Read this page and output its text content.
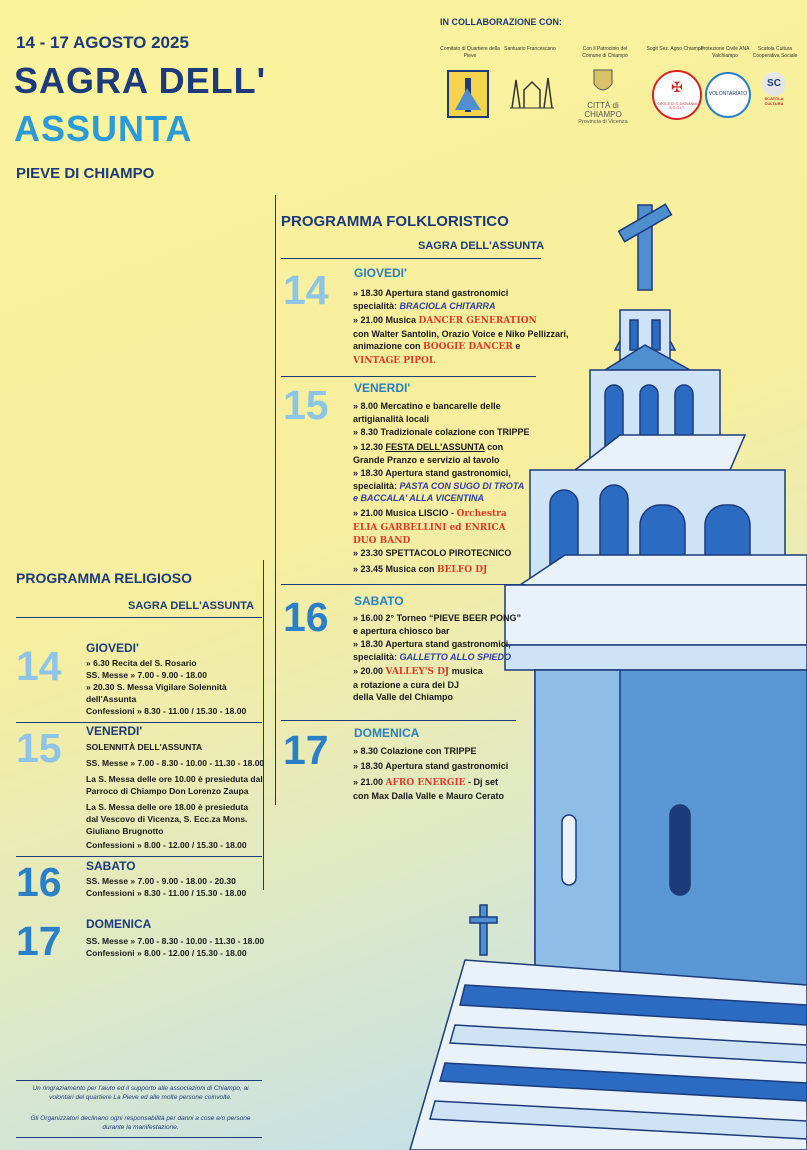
14 - 17 AGOSTO 2025
SAGRA DELL'
ASSUNTA
PIEVE DI CHIAMPO
IN COLLABORAZIONE CON:
Comitato di Quartiere della Pieve
Santuario Francescano	Con il Patrocinio del Comune di Chiampo
Sogit Sez. Agno Chiampo
Protezione Civile ANA Valchiampo
Scatola Cultura Cooperativa Sociale
CITTÀ di CHIAMPO
Provincia di Vicenza
✠
CROCE DI S. GIOVANNI
S.O.G.I.T.
VOLONTARIATO
SC
SCATOLA CULTURA
PROGRAMMA FOLKLORISTICO
SAGRA DELL'ASSUNTA
14 GIOVEDI'
» 18.30 Apertura stand gastronomici
specialità: BRACIOLA CHITARRA
» 21.00 Musica DANCER GENERATION
con Walter Santolin, Orazio Voice e Niko Pellizzari,
animazione con BOOGIE DANCER e
VINTAGE PIPOL
15 VENERDI'
» 8.00 Mercatino e bancarelle delle
artigianalità locali
» 8.30 Tradizionale colazione con TRIPPE
» 12.30 FESTA DELL'ASSUNTA con
Grande Pranzo e servizio al tavolo
» 18.30 Apertura stand gastronomici,
specialità: PASTA CON SUGO DI TROTA
e BACCALA' ALLA VICENTINA
» 21.00 Musica LISCIO - Orchestra
ELIA GARBELLINI ed ENRICA
DUO BAND
» 23.30 SPETTACOLO PIROTECNICO
» 23.45 Musica con BELFO DJ
16 SABATO
» 16.00 2° Torneo “PIEVE BEER PONG”
e apertura chiosco bar
» 18.30 Apertura stand gastronomici,
specialità: GALLETTO ALLO SPIEDO
» 20.00 VALLEY'S DJ musica
a rotazione a cura dei DJ
della Valle del Chiampo
17 DOMENICA
» 8.30 Colazione con TRIPPE
» 18.30 Apertura stand gastronomici
» 21.00 AFRO ENERGIE - Dj set
con Max Dalla Valle e Mauro Cerato
PROGRAMMA RELIGIOSO
SAGRA DELL'ASSUNTA
14 GIOVEDI'
» 6.30 Recita del S. Rosario
SS. Messe » 7.00 - 9.00 - 18.00
» 20.30 S. Messa Vigilare Solennità
dell'Assunta
Confessioni » 8.30 - 11.00 / 15.30 - 18.00
15 VENERDI'
SOLENNITÀ DELL'ASSUNTA
SS. Messe » 7.00 - 8.30 - 10.00 - 11.30 - 18.00
La S. Messa delle ore 10.00 è presieduta dal
Parroco di Chiampo Don Lorenzo Zaupa
La S. Messa delle ore 18.00 è presieduta
dal Vescovo di Vicenza, S. Ecc.za Mons.
Giuliano Brugnotto
Confessioni » 8.00 - 12.00 / 15.30 - 18.00
16 SABATO
SS. Messe » 7.00 - 9.00 - 18.00 - 20.30
Confessioni » 8.30 - 11.00 / 15.30 - 18.00
17 DOMENICA
SS. Messe » 7.00 - 8.30 - 10.00 - 11.30 - 18.00
Confessioni » 8.00 - 12.00 / 15.30 - 18.00
Un ringraziamento per l'aiuto ed il supporto alle associazioni di Chiampo, ai
volontari del quartiere La Pieve ed alle molte persone coinvolte.
Gli Organizzatori declinano ogni responsabilità per danni a cose e/o persone
durante la manifestazione.
